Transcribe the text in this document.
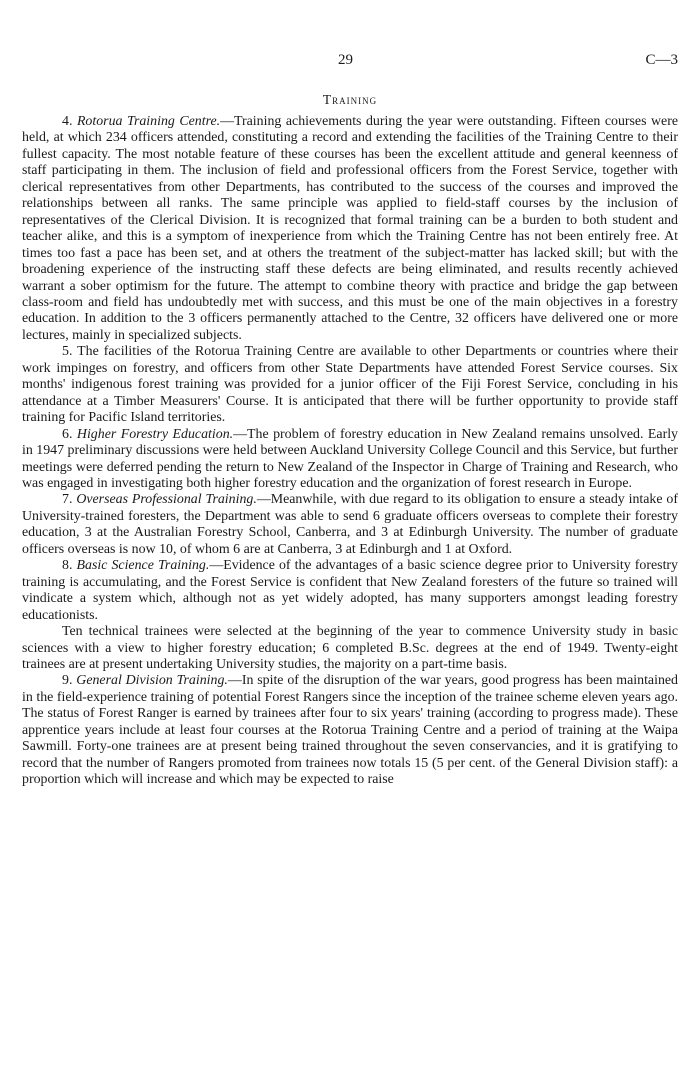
29	C—3
Training

4. Rotorua Training Centre.—Training achievements during the year were outstanding. Fifteen courses were held, at which 234 officers attended, constituting a record and extending the facilities of the Training Centre to their fullest capacity. The most notable feature of these courses has been the excellent attitude and general keenness of staff participating in them. The inclusion of field and professional officers from the Forest Service, together with clerical representatives from other Departments, has contributed to the success of the courses and improved the relationships between all ranks. The same principle was applied to field-staff courses by the inclusion of representatives of the Clerical Division. It is recognized that formal training can be a burden to both student and teacher alike, and this is a symptom of inexperience from which the Training Centre has not been entirely free. At times too fast a pace has been set, and at others the treatment of the subject-matter has lacked skill; but with the broadening experience of the instructing staff these defects are being eliminated, and results recently achieved warrant a sober optimism for the future. The attempt to combine theory with practice and bridge the gap between class-room and field has undoubtedly met with success, and this must be one of the main objectives in a forestry education. In addition to the 3 officers permanently attached to the Centre, 32 officers have delivered one or more lectures, mainly in specialized subjects.

5. The facilities of the Rotorua Training Centre are available to other Departments or countries where their work impinges on forestry, and officers from other State Departments have attended Forest Service courses. Six months' indigenous forest training was provided for a junior officer of the Fiji Forest Service, concluding in his attendance at a Timber Measurers' Course. It is anticipated that there will be further opportunity to provide staff training for Pacific Island territories.

6. Higher Forestry Education.—The problem of forestry education in New Zealand remains unsolved. Early in 1947 preliminary discussions were held between Auckland University College Council and this Service, but further meetings were deferred pending the return to New Zealand of the Inspector in Charge of Training and Research, who was engaged in investigating both higher forestry education and the organization of forest research in Europe.

7. Overseas Professional Training.—Meanwhile, with due regard to its obligation to ensure a steady intake of University-trained foresters, the Department was able to send 6 graduate officers overseas to complete their forestry education, 3 at the Australian Forestry School, Canberra, and 3 at Edinburgh University. The number of graduate officers overseas is now 10, of whom 6 are at Canberra, 3 at Edinburgh and 1 at Oxford.

8. Basic Science Training.—Evidence of the advantages of a basic science degree prior to University forestry training is accumulating, and the Forest Service is confident that New Zealand foresters of the future so trained will vindicate a system which, although not as yet widely adopted, has many supporters amongst leading forestry educationists.

Ten technical trainees were selected at the beginning of the year to commence University study in basic sciences with a view to higher forestry education; 6 completed B.Sc. degrees at the end of 1949. Twenty-eight trainees are at present undertaking University studies, the majority on a part-time basis.

9. General Division Training.—In spite of the disruption of the war years, good progress has been maintained in the field-experience training of potential Forest Rangers since the inception of the trainee scheme eleven years ago. The status of Forest Ranger is earned by trainees after four to six years' training (according to progress made). These apprentice years include at least four courses at the Rotorua Training Centre and a period of training at the Waipa Sawmill. Forty-one trainees are at present being trained throughout the seven conservancies, and it is gratifying to record that the number of Rangers promoted from trainees now totals 15 (5 per cent. of the General Division staff): a proportion which will increase and which may be expected to raise
